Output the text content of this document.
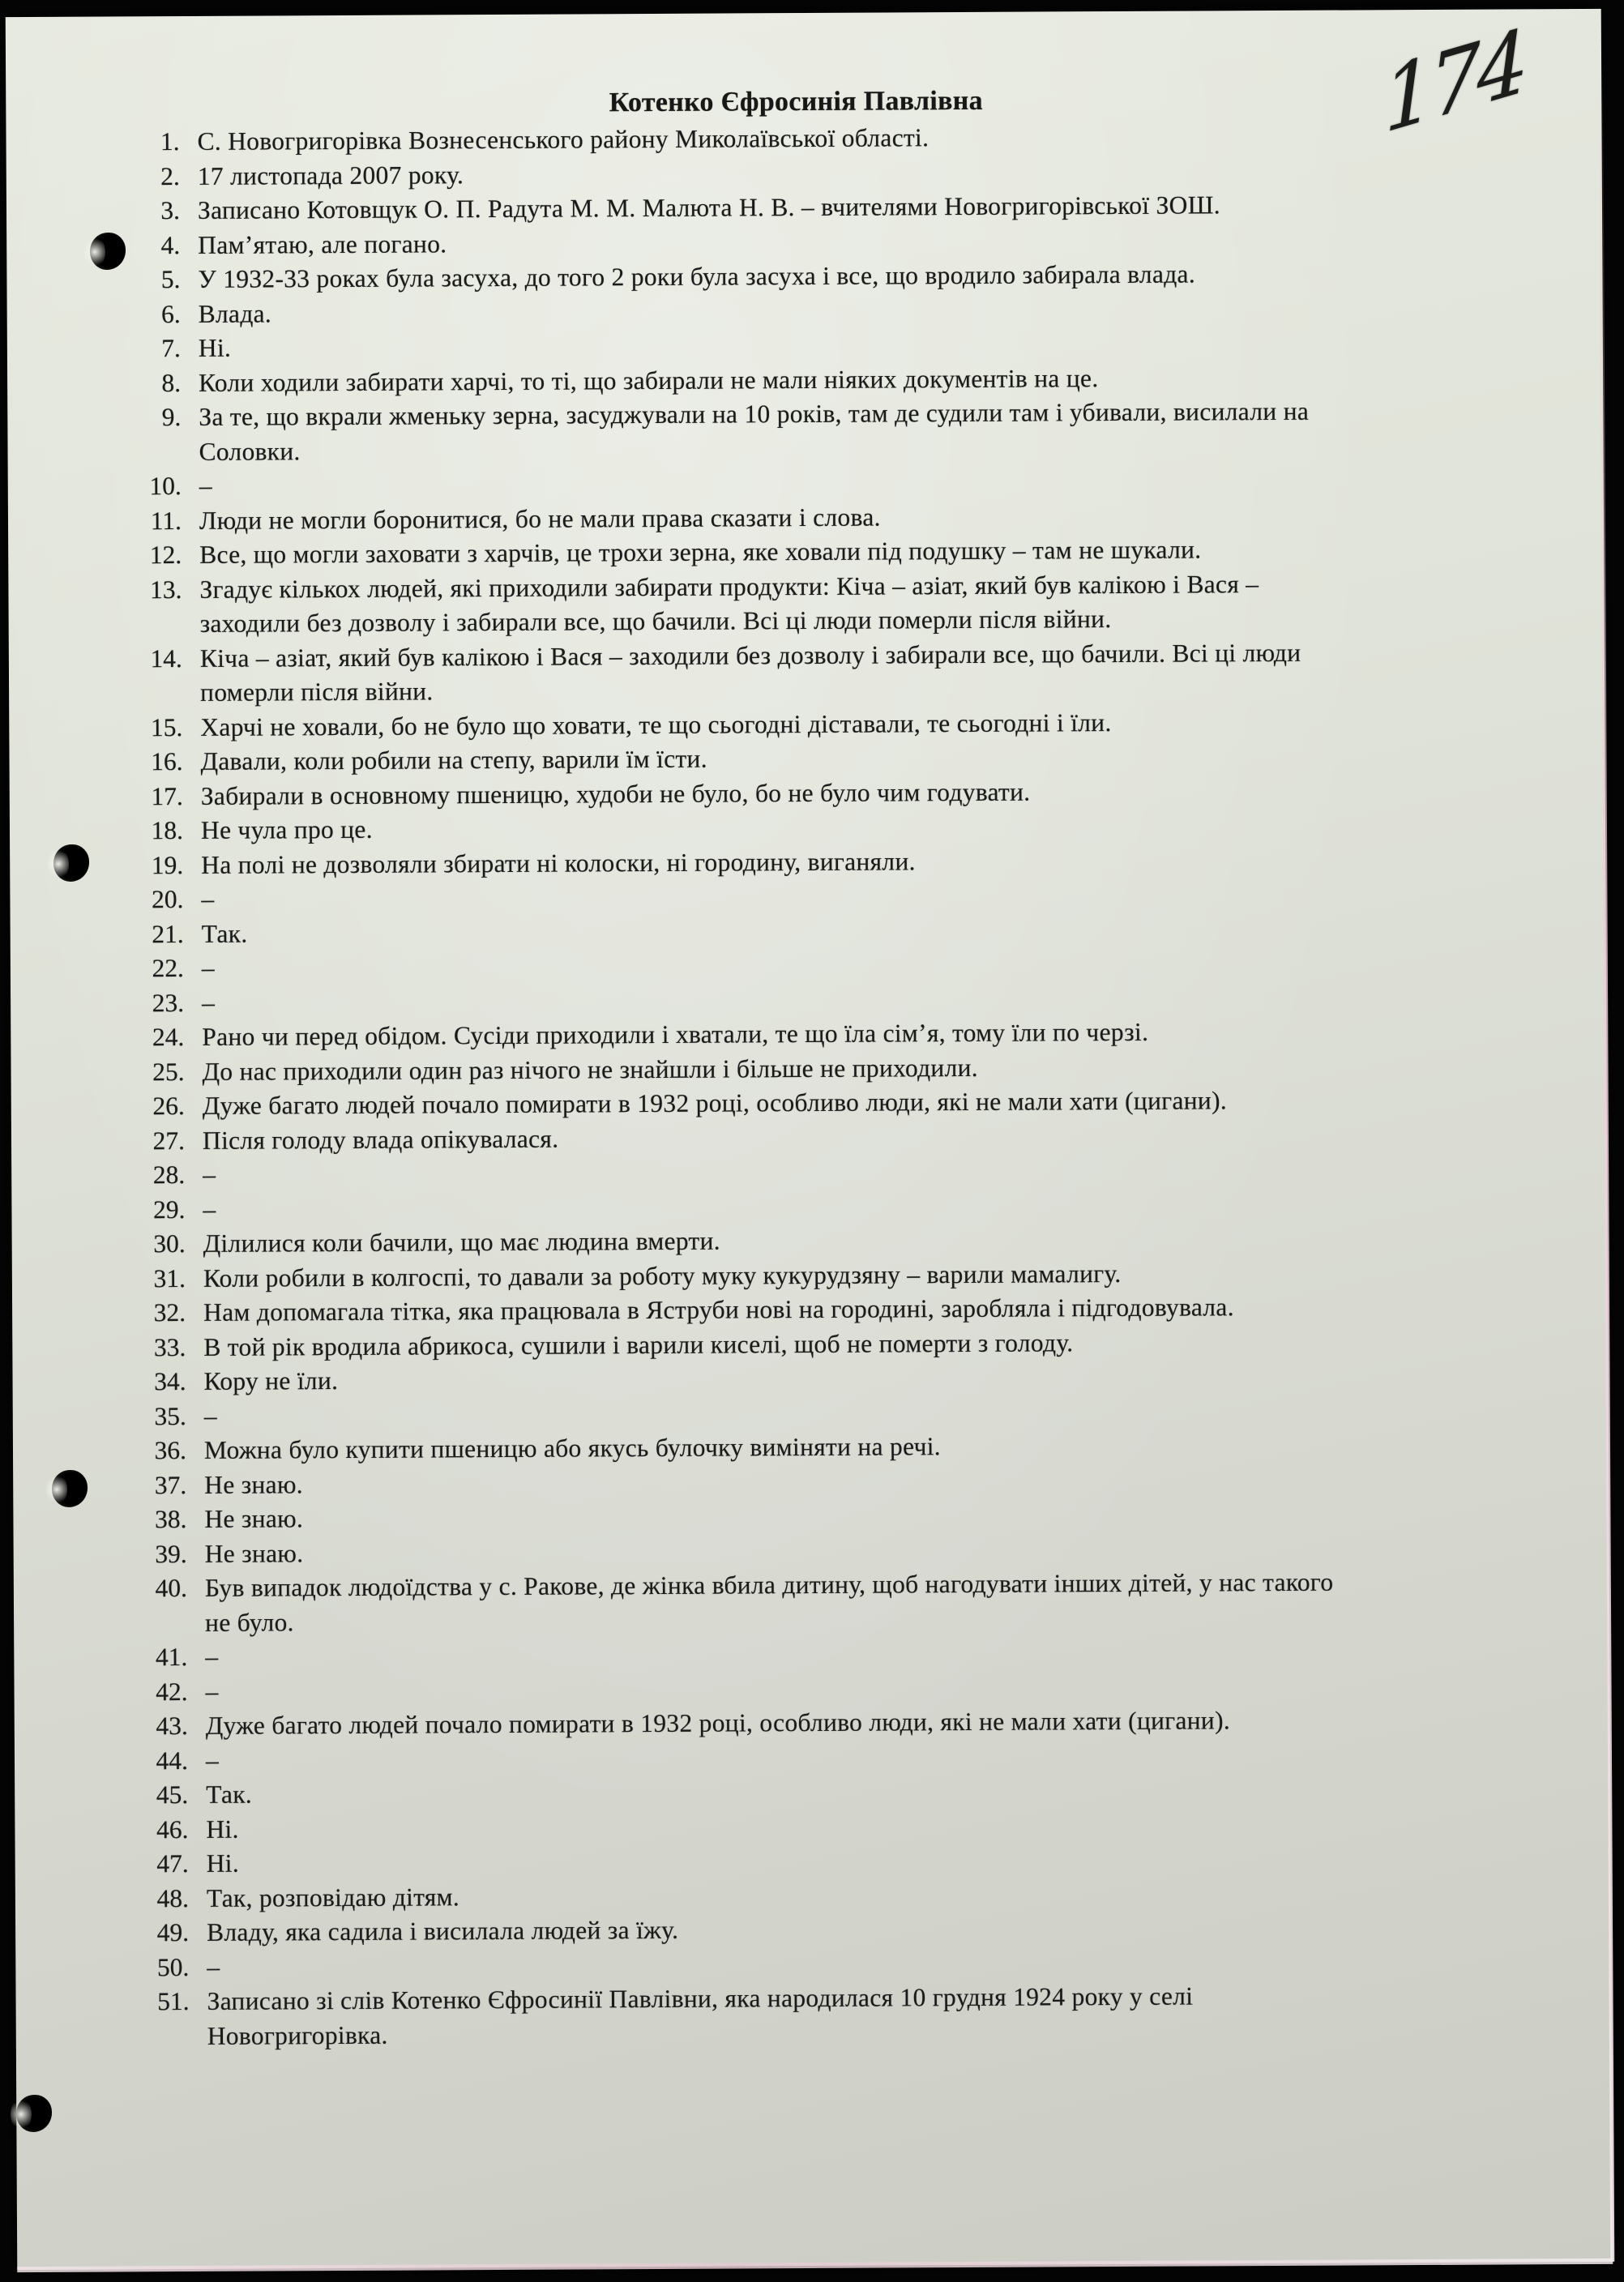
174
Котенко Єфросинія Павлівна
1. С. Новогригорівка Вознесенського району Миколаївської області.
2. 17 листопада 2007 року.
3. Записано Котовщук О. П. Радута М. М. Малюта Н. В. – вчителями Новогригорівської ЗОШ.
4. Пам’ятаю, але погано.
5. У 1932-33 роках була засуха, до того 2 роки була засуха і все, що вродило забирала влада.
6. Влада.
7. Ні.
8. Коли ходили забирати харчі, то ті, що забирали не мали ніяких документів на це.
9. За те, що вкрали жменьку зерна, засуджували на 10 років, там де судили там і убивали, висилали на
Соловки.
10. –
11. Люди не могли боронитися, бо не мали права сказати і слова.
12. Все, що могли заховати з харчів, це трохи зерна, яке ховали під подушку – там не шукали.
13. Згадує кількох людей, які приходили забирати продукти: Кіча – азіат, який був калікою і Вася –
заходили без дозволу і забирали все, що бачили. Всі ці люди померли після війни.
14. Кіча – азіат, який був калікою і Вася – заходили без дозволу і забирали все, що бачили. Всі ці люди
померли після війни.
15. Харчі не ховали, бо не було що ховати, те що сьогодні діставали, те сьогодні і їли.
16. Давали, коли робили на степу, варили їм їсти.
17. Забирали в основному пшеницю, худоби не було, бо не було чим годувати.
18. Не чула про це.
19. На полі не дозволяли збирати ні колоски, ні городину, виганяли.
20. –
21. Так.
22. –
23. –
24. Рано чи перед обідом. Сусіди приходили і хватали, те що їла сім’я, тому їли по черзі.
25. До нас приходили один раз нічого не знайшли і більше не приходили.
26. Дуже багато людей почало помирати в 1932 році, особливо люди, які не мали хати (цигани).
27. Після голоду влада опікувалася.
28. –
29. –
30. Ділилися коли бачили, що має людина вмерти.
31. Коли робили в колгоспі, то давали за роботу муку кукурудзяну – варили мамалигу.
32. Нам допомагала тітка, яка працювала в Яструби нові на городині, заробляла і підгодовувала.
33. В той рік вродила абрикоса, сушили і варили киселі, щоб не померти з голоду.
34. Кору не їли.
35. –
36. Можна було купити пшеницю або якусь булочку виміняти на речі.
37. Не знаю.
38. Не знаю.
39. Не знаю.
40. Був випадок людоїдства у с. Ракове, де жінка вбила дитину, щоб нагодувати інших дітей, у нас такого
не було.
41. –
42. –
43. Дуже багато людей почало помирати в 1932 році, особливо люди, які не мали хати (цигани).
44. –
45. Так.
46. Ні.
47. Ні.
48. Так, розповідаю дітям.
49. Владу, яка садила і висилала людей за їжу.
50. –
51. Записано зі слів Котенко Єфросинії Павлівни, яка народилася 10 грудня 1924 року у селі
Новогригорівка.
